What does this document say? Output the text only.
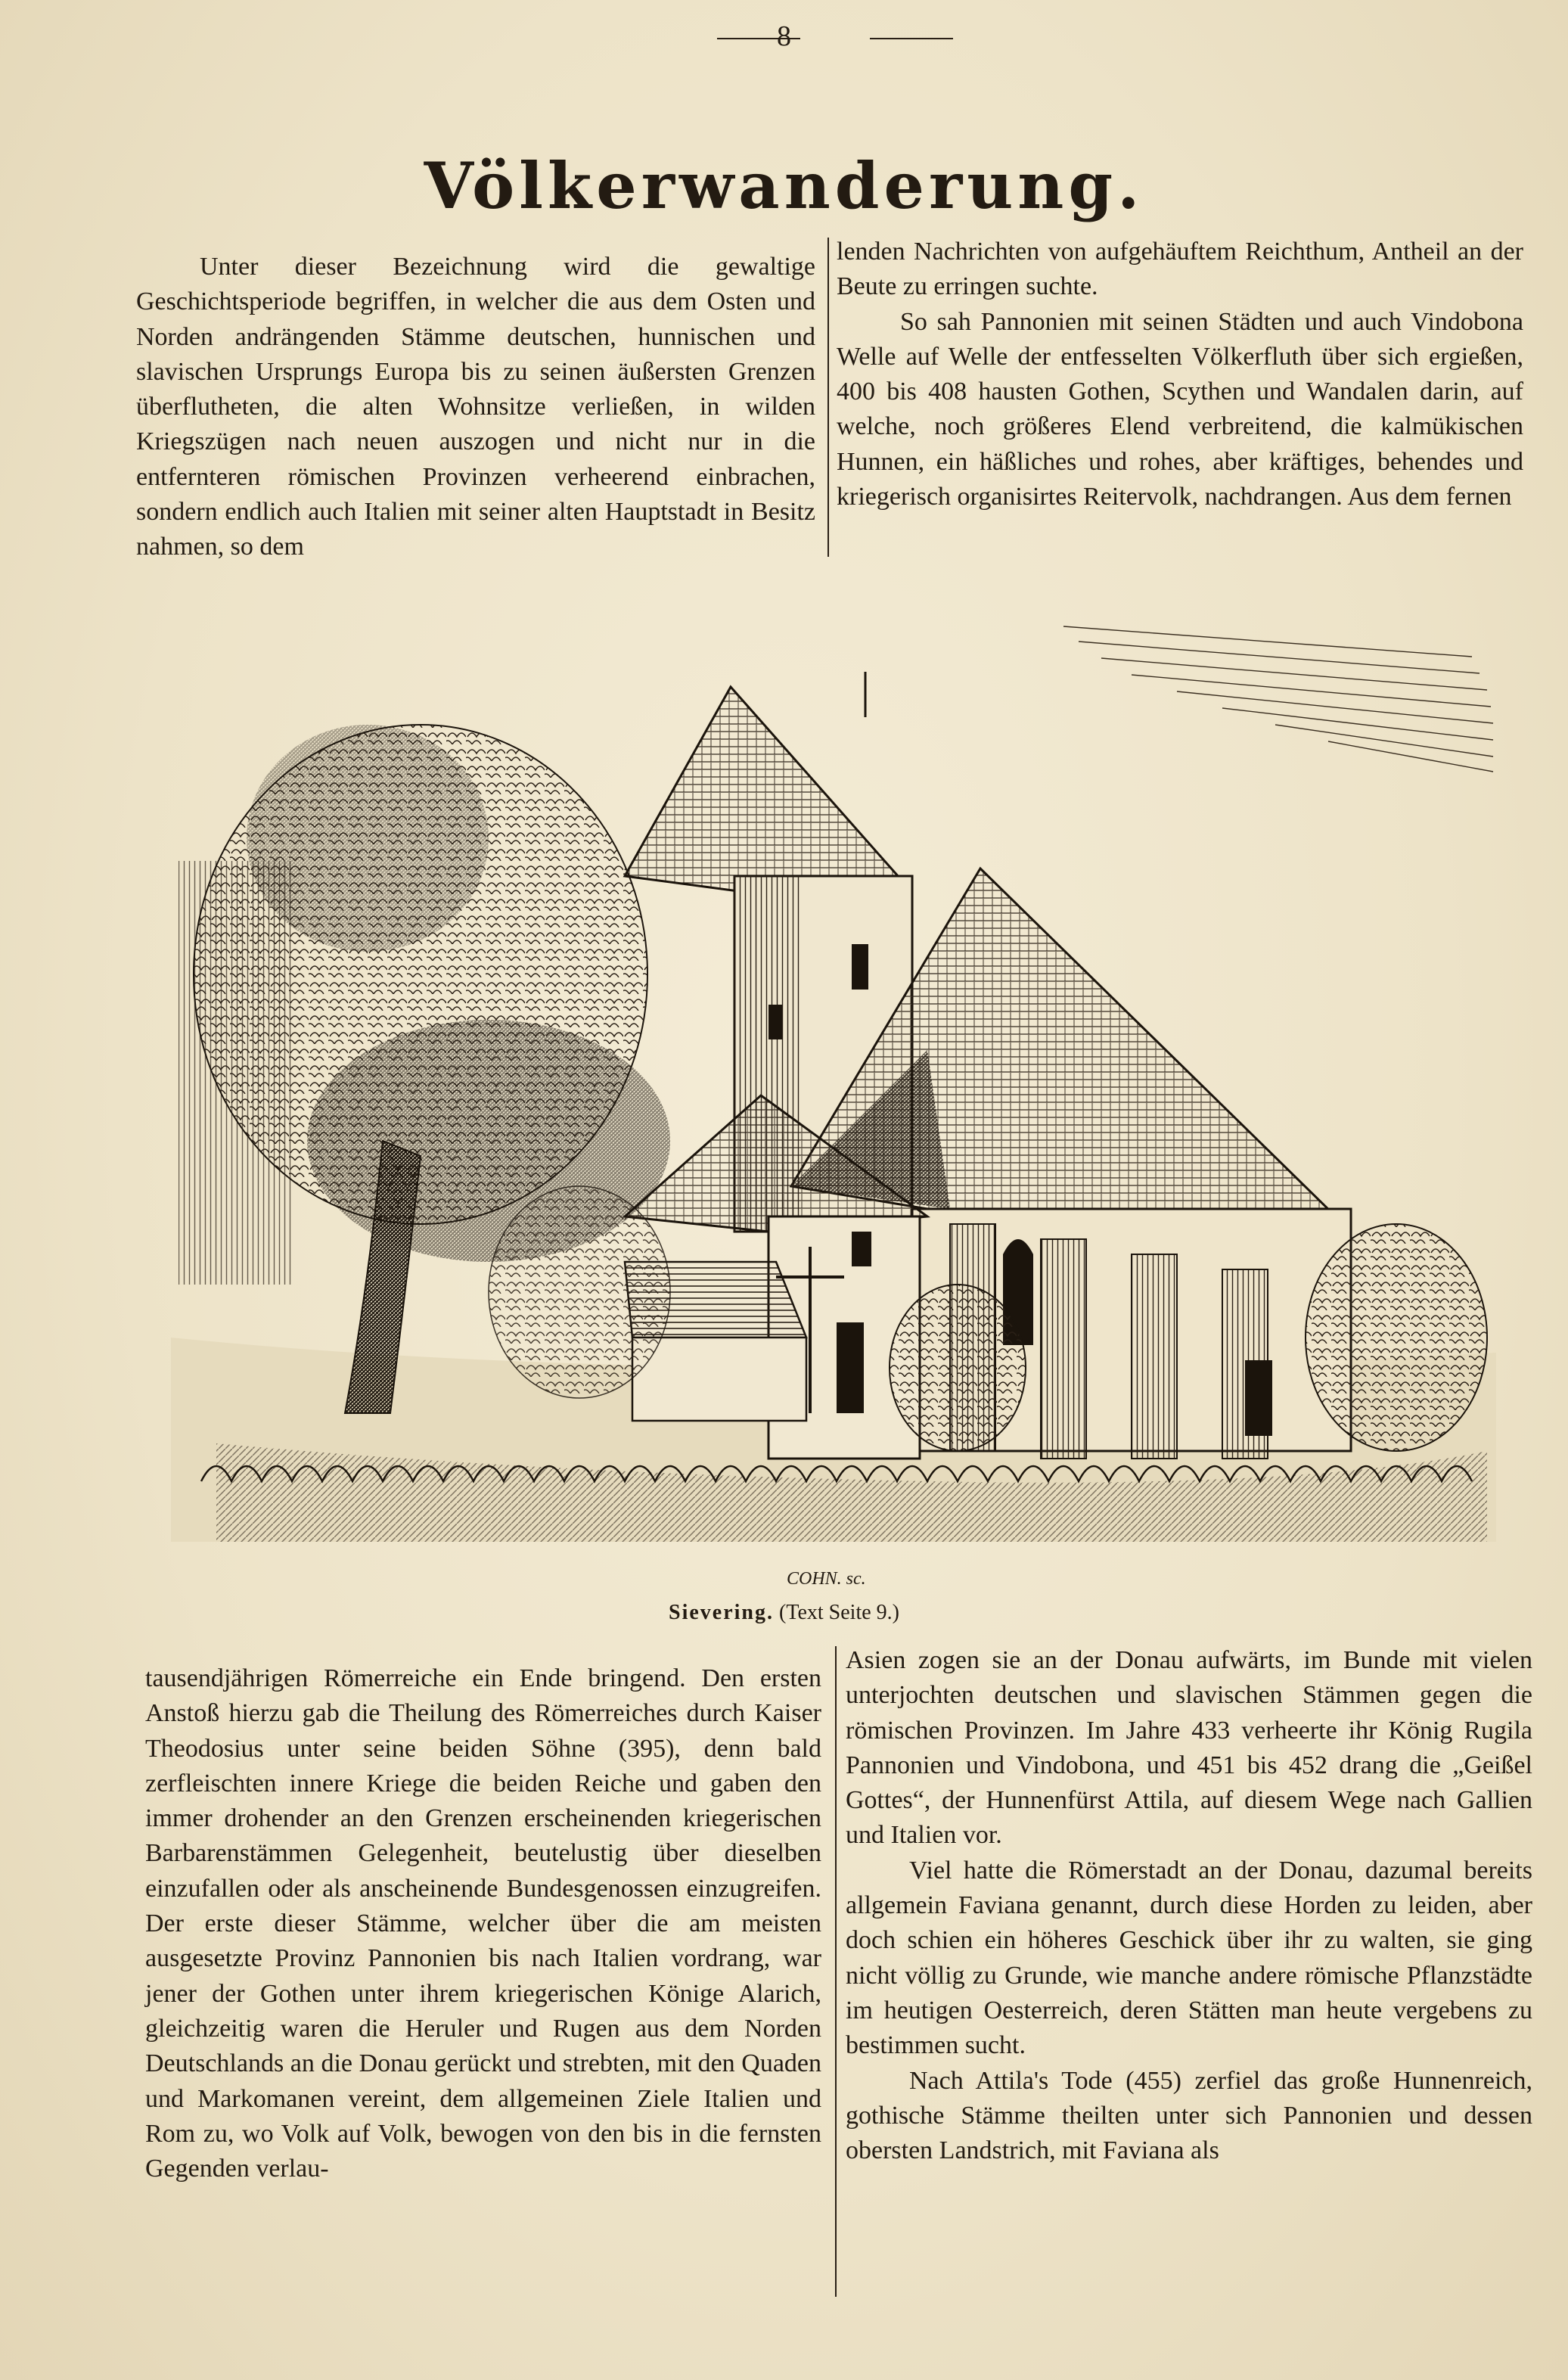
8
Völkerwanderung.

Unter dieser Bezeichnung wird die gewaltige Geschichtsperiode begriffen, in welcher die aus dem Osten und Norden andrängenden Stämme deutschen, hunnischen und slavischen Ursprungs Europa bis zu seinen äußersten Grenzen überflutheten, die alten Wohnsitze verließen, in wilden Kriegszügen nach neuen auszogen und nicht nur in die entfernteren römischen Provinzen verheerend einbrachen, sondern endlich auch Italien mit seiner alten Hauptstadt in Besitz nahmen, so dem

lenden Nachrichten von aufgehäuftem Reichthum, Antheil an der Beute zu erringen suchte.

So sah Pannonien mit seinen Städten und auch Vindobona Welle auf Welle der entfesselten Völkerfluth über sich ergießen, 400 bis 408 hausten Gothen, Scythen und Wandalen darin, auf welche, noch größeres Elend verbreitend, die kalmükischen Hunnen, ein häßliches und rohes, aber kräftiges, behendes und kriegerisch organisirtes Reitervolk, nachdrangen. Aus dem fernen

COHN. sc.
Sievering. (Text Seite 9.)

tausendjährigen Römerreiche ein Ende bringend. Den ersten Anstoß hierzu gab die Theilung des Römerreiches durch Kaiser Theodosius unter seine beiden Söhne (395), denn bald zerfleischten innere Kriege die beiden Reiche und gaben den immer drohender an den Grenzen erscheinenden kriegerischen Barbarenstämmen Gelegenheit, beutelustig über dieselben einzufallen oder als anscheinende Bundesgenossen einzugreifen. Der erste dieser Stämme, welcher über die am meisten ausgesetzte Provinz Pannonien bis nach Italien vordrang, war jener der Gothen unter ihrem kriegerischen Könige Alarich, gleichzeitig waren die Heruler und Rugen aus dem Norden Deutschlands an die Donau gerückt und strebten, mit den Quaden und Markomanen vereint, dem allgemeinen Ziele Italien und Rom zu, wo Volk auf Volk, bewogen von den bis in die fernsten Gegenden verlau-

Asien zogen sie an der Donau aufwärts, im Bunde mit vielen unterjochten deutschen und slavischen Stämmen gegen die römischen Provinzen. Im Jahre 433 verheerte ihr König Rugila Pannonien und Vindobona, und 451 bis 452 drang die „Geißel Gottes“, der Hunnenfürst Attila, auf diesem Wege nach Gallien und Italien vor.

Viel hatte die Römerstadt an der Donau, dazumal bereits allgemein Faviana genannt, durch diese Horden zu leiden, aber doch schien ein höheres Geschick über ihr zu walten, sie ging nicht völlig zu Grunde, wie manche andere römische Pflanzstädte im heutigen Oesterreich, deren Stätten man heute vergebens zu bestimmen sucht.

Nach Attila's Tode (455) zerfiel das große Hunnenreich, gothische Stämme theilten unter sich Pannonien und dessen obersten Landstrich, mit Faviana als
